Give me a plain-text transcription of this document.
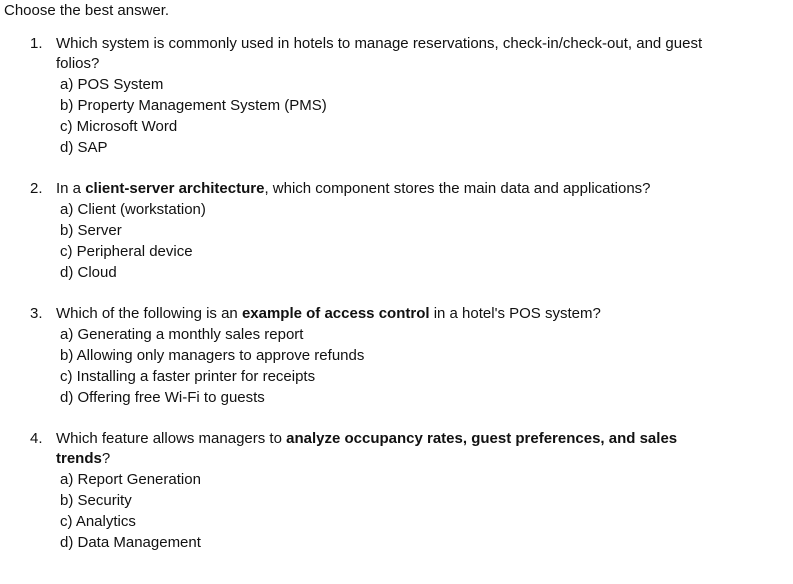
Choose the best answer.
1. Which system is commonly used in hotels to manage reservations, check-in/check-out, and guest folios?
a) POS System
b) Property Management System (PMS)
c) Microsoft Word
d) SAP
2. In a client-server architecture, which component stores the main data and applications?
a) Client (workstation)
b) Server
c) Peripheral device
d) Cloud
3. Which of the following is an example of access control in a hotel's POS system?
a) Generating a monthly sales report
b) Allowing only managers to approve refunds
c) Installing a faster printer for receipts
d) Offering free Wi-Fi to guests
4. Which feature allows managers to analyze occupancy rates, guest preferences, and sales trends?
a) Report Generation
b) Security
c) Analytics
d) Data Management
